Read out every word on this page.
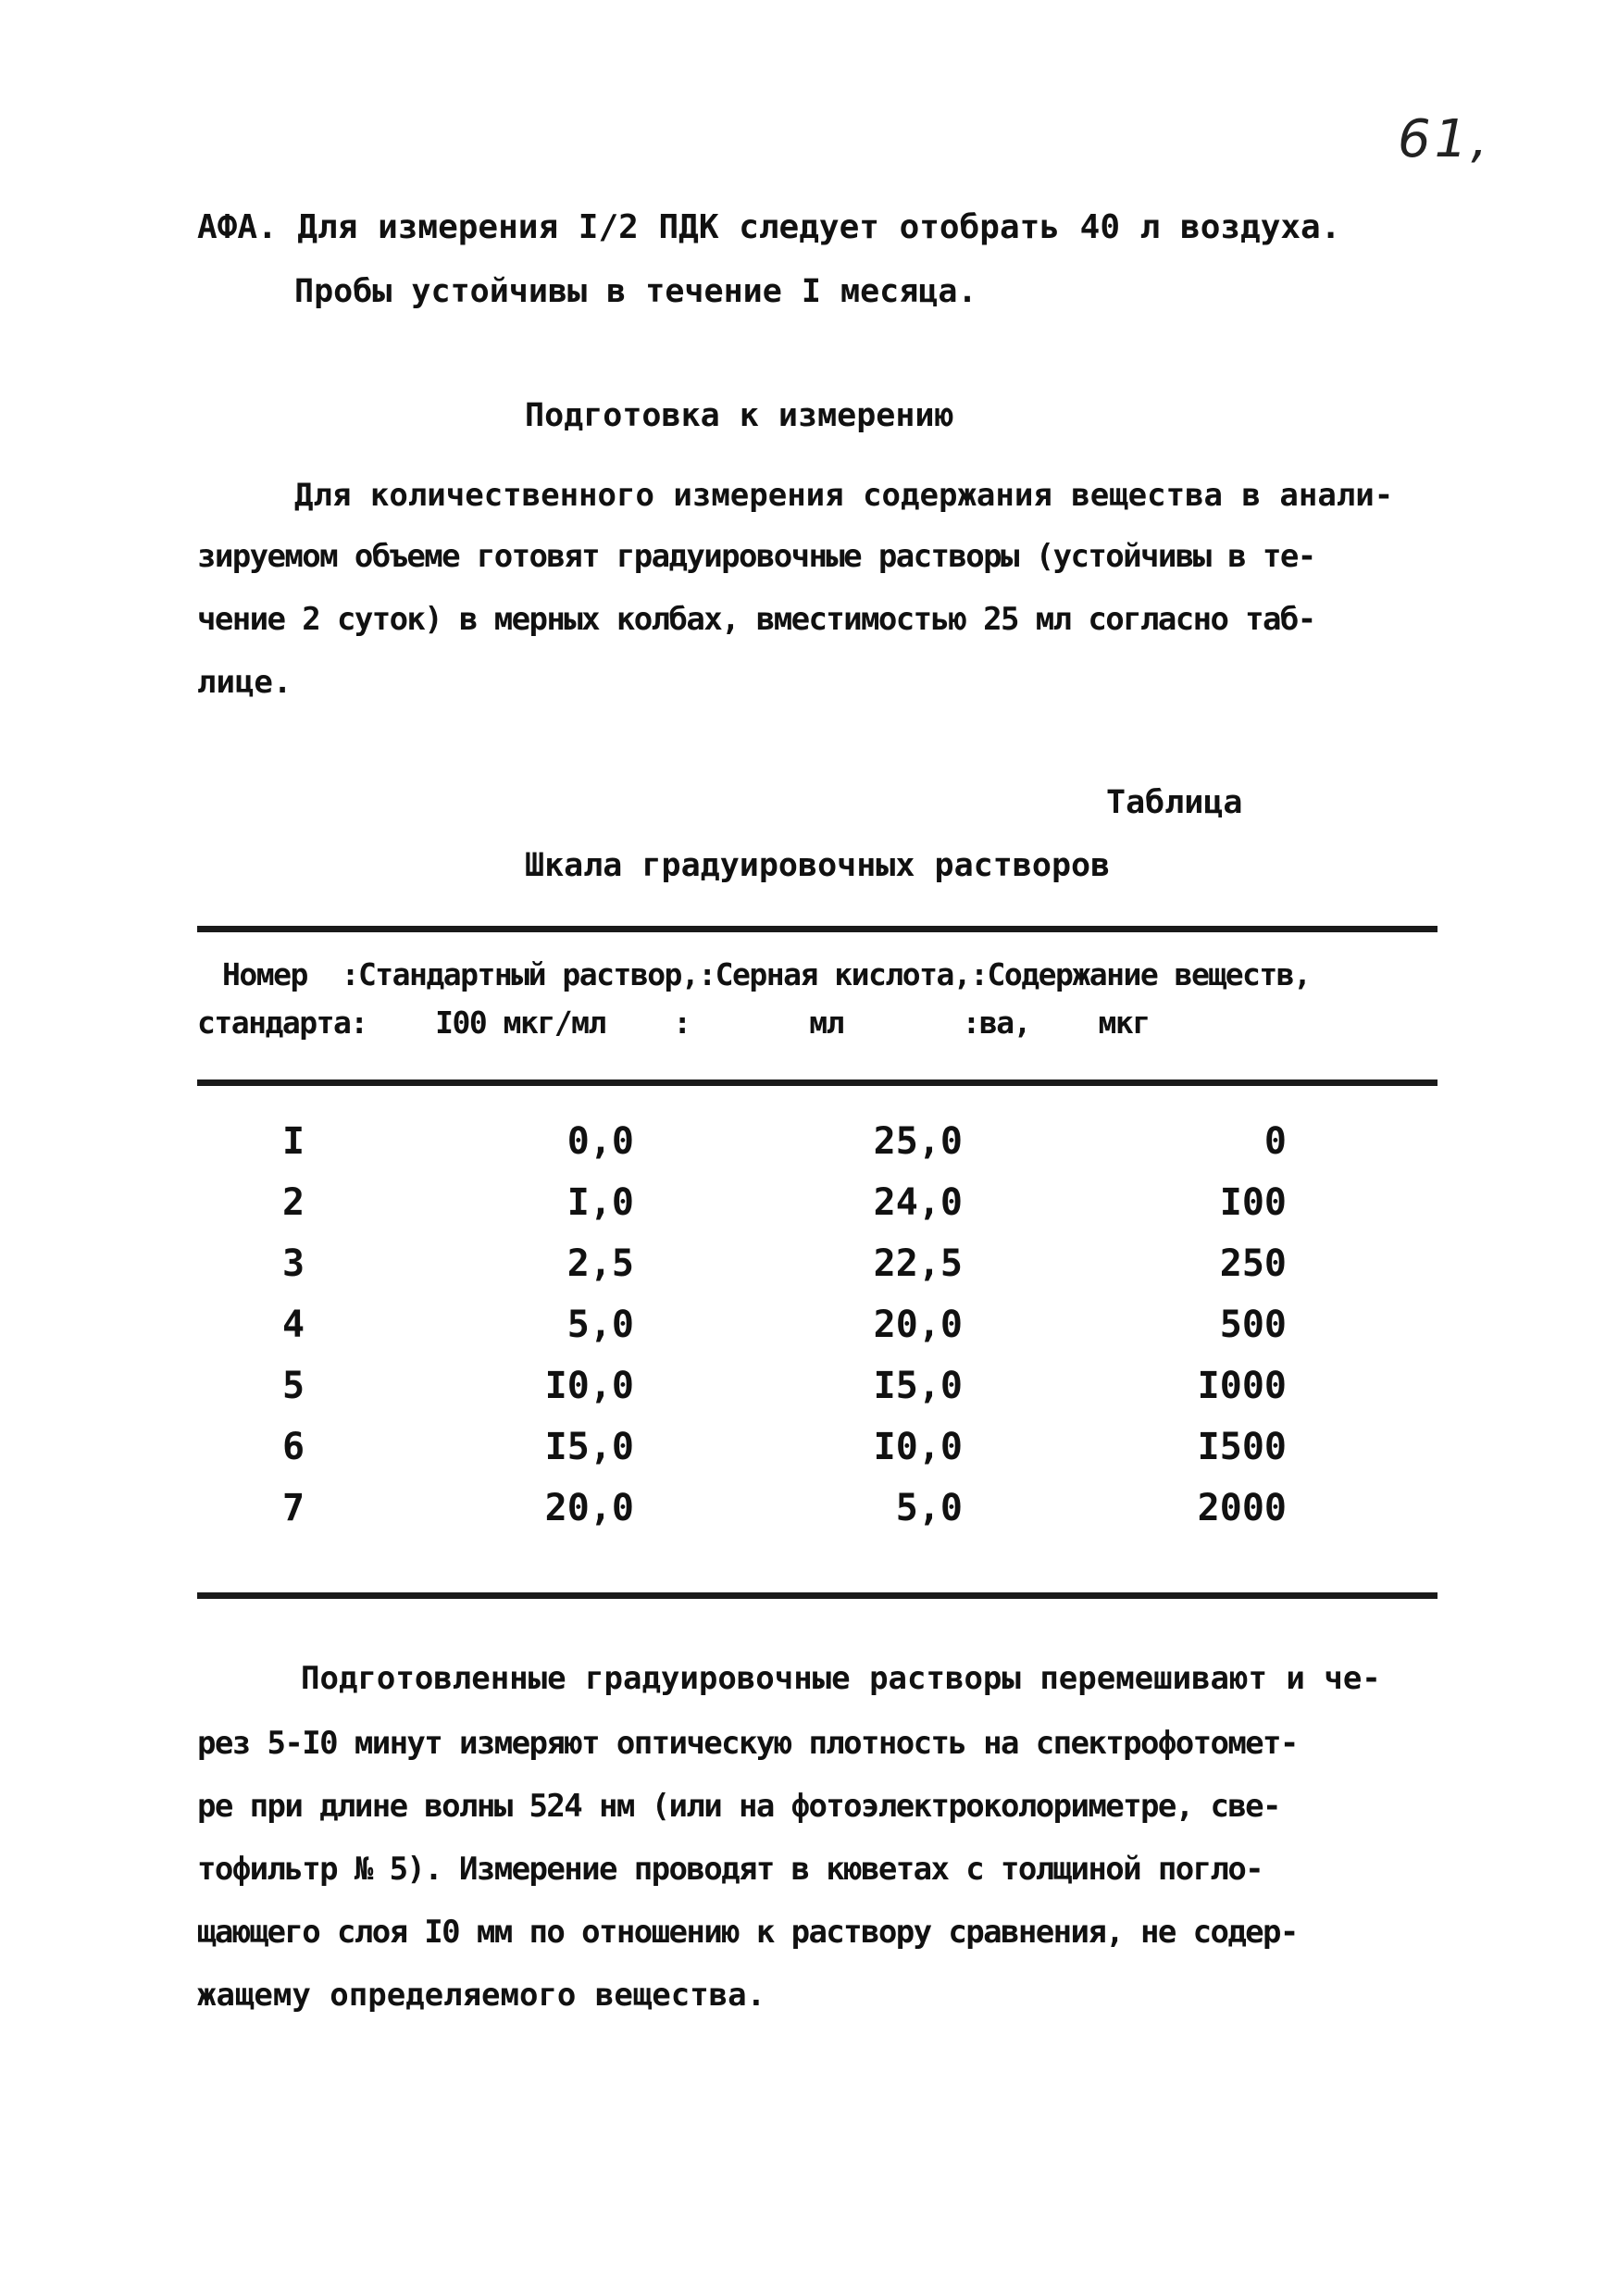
61,
АФА. Для измерения I/2 ПДК следует отобрать 40 л воздуха.
Пробы устойчивы в течение I месяца.
Подготовка к измерению
Для количественного измерения содержания вещества в анали-
зируемом объеме готовят градуировочные растворы (устойчивы в те-
чение 2 суток) в мерных колбах, вместимостью 25 мл согласно таб-
лице.
Таблица
Шкала градуировочных растворов
Номер  :Стандартный раствор,:Серная кислота,:Содержание веществ,
стандарта:    I00 мкг/мл    :       мл       :ва,    мкг
I	0,0	25,0	0
2	I,0	24,0	I00
3	2,5	22,5	250
4	5,0	20,0	500
5	I0,0	I5,0	I000
6	I5,0	I0,0	I500
7	20,0	5,0	2000
Подготовленные градуировочные растворы перемешивают и че-
рез 5-I0 минут измеряют оптическую плотность на спектрофотомет-
ре при длине волны 524 нм (или на фотоэлектроколориметре, све-
тофильтр № 5). Измерение проводят в кюветах с толщиной погло-
щающего слоя I0 мм по отношению к раствору сравнения, не содер-
жащему определяемого вещества.
